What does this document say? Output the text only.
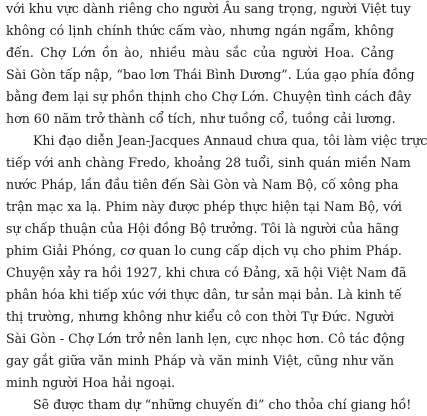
với khu vực dành riêng cho người Âu sang trọng, người Việt tuy
không có lịnh chính thức cấm vào, nhưng ngán ngẩm, không
đến. Chợ Lớn ồn ào, nhiều màu sắc của người Hoa. Cảng
Sài Gòn tấp nập, “bao lơn Thái Bình Dương”. Lúa gạo phía đồng
bằng đem lại sự phồn thịnh cho Chợ Lớn. Chuyện tình cách đây
hơn 60 năm trở thành cổ tích, như tuồng cổ, tuồng cải lương.
Khi đạo diễn Jean-Jacques Annaud chưa qua, tôi làm việc trực
tiếp với anh chàng Fredo, khoảng 28 tuổi, sinh quán miền Nam
nước Pháp, lần đầu tiên đến Sài Gòn và Nam Bộ, cố xông pha
trận mạc xa lạ. Phim này được phép thực hiện tại Nam Bộ, với
sự chấp thuận của Hội đồng Bộ trưởng. Tôi là người của hãng
phim Giải Phóng, cơ quan lo cung cấp dịch vụ cho phim Pháp.
Chuyện xảy ra hồi 1927, khi chưa có Đảng, xã hội Việt Nam đã
phân hóa khi tiếp xúc với thực dân, tư sản mại bản. Là kinh tế
thị trường, nhưng không như kiểu cô con thời Tự Đức. Người
Sài Gòn - Chợ Lớn trở nên lanh lẹn, cực nhọc hơn. Cô tác động
gay gắt giữa văn minh Pháp và văn minh Việt, cũng như văn
minh người Hoa hải ngoại.
Sẽ được tham dự “những chuyến đi” cho thỏa chí giang hồ!
